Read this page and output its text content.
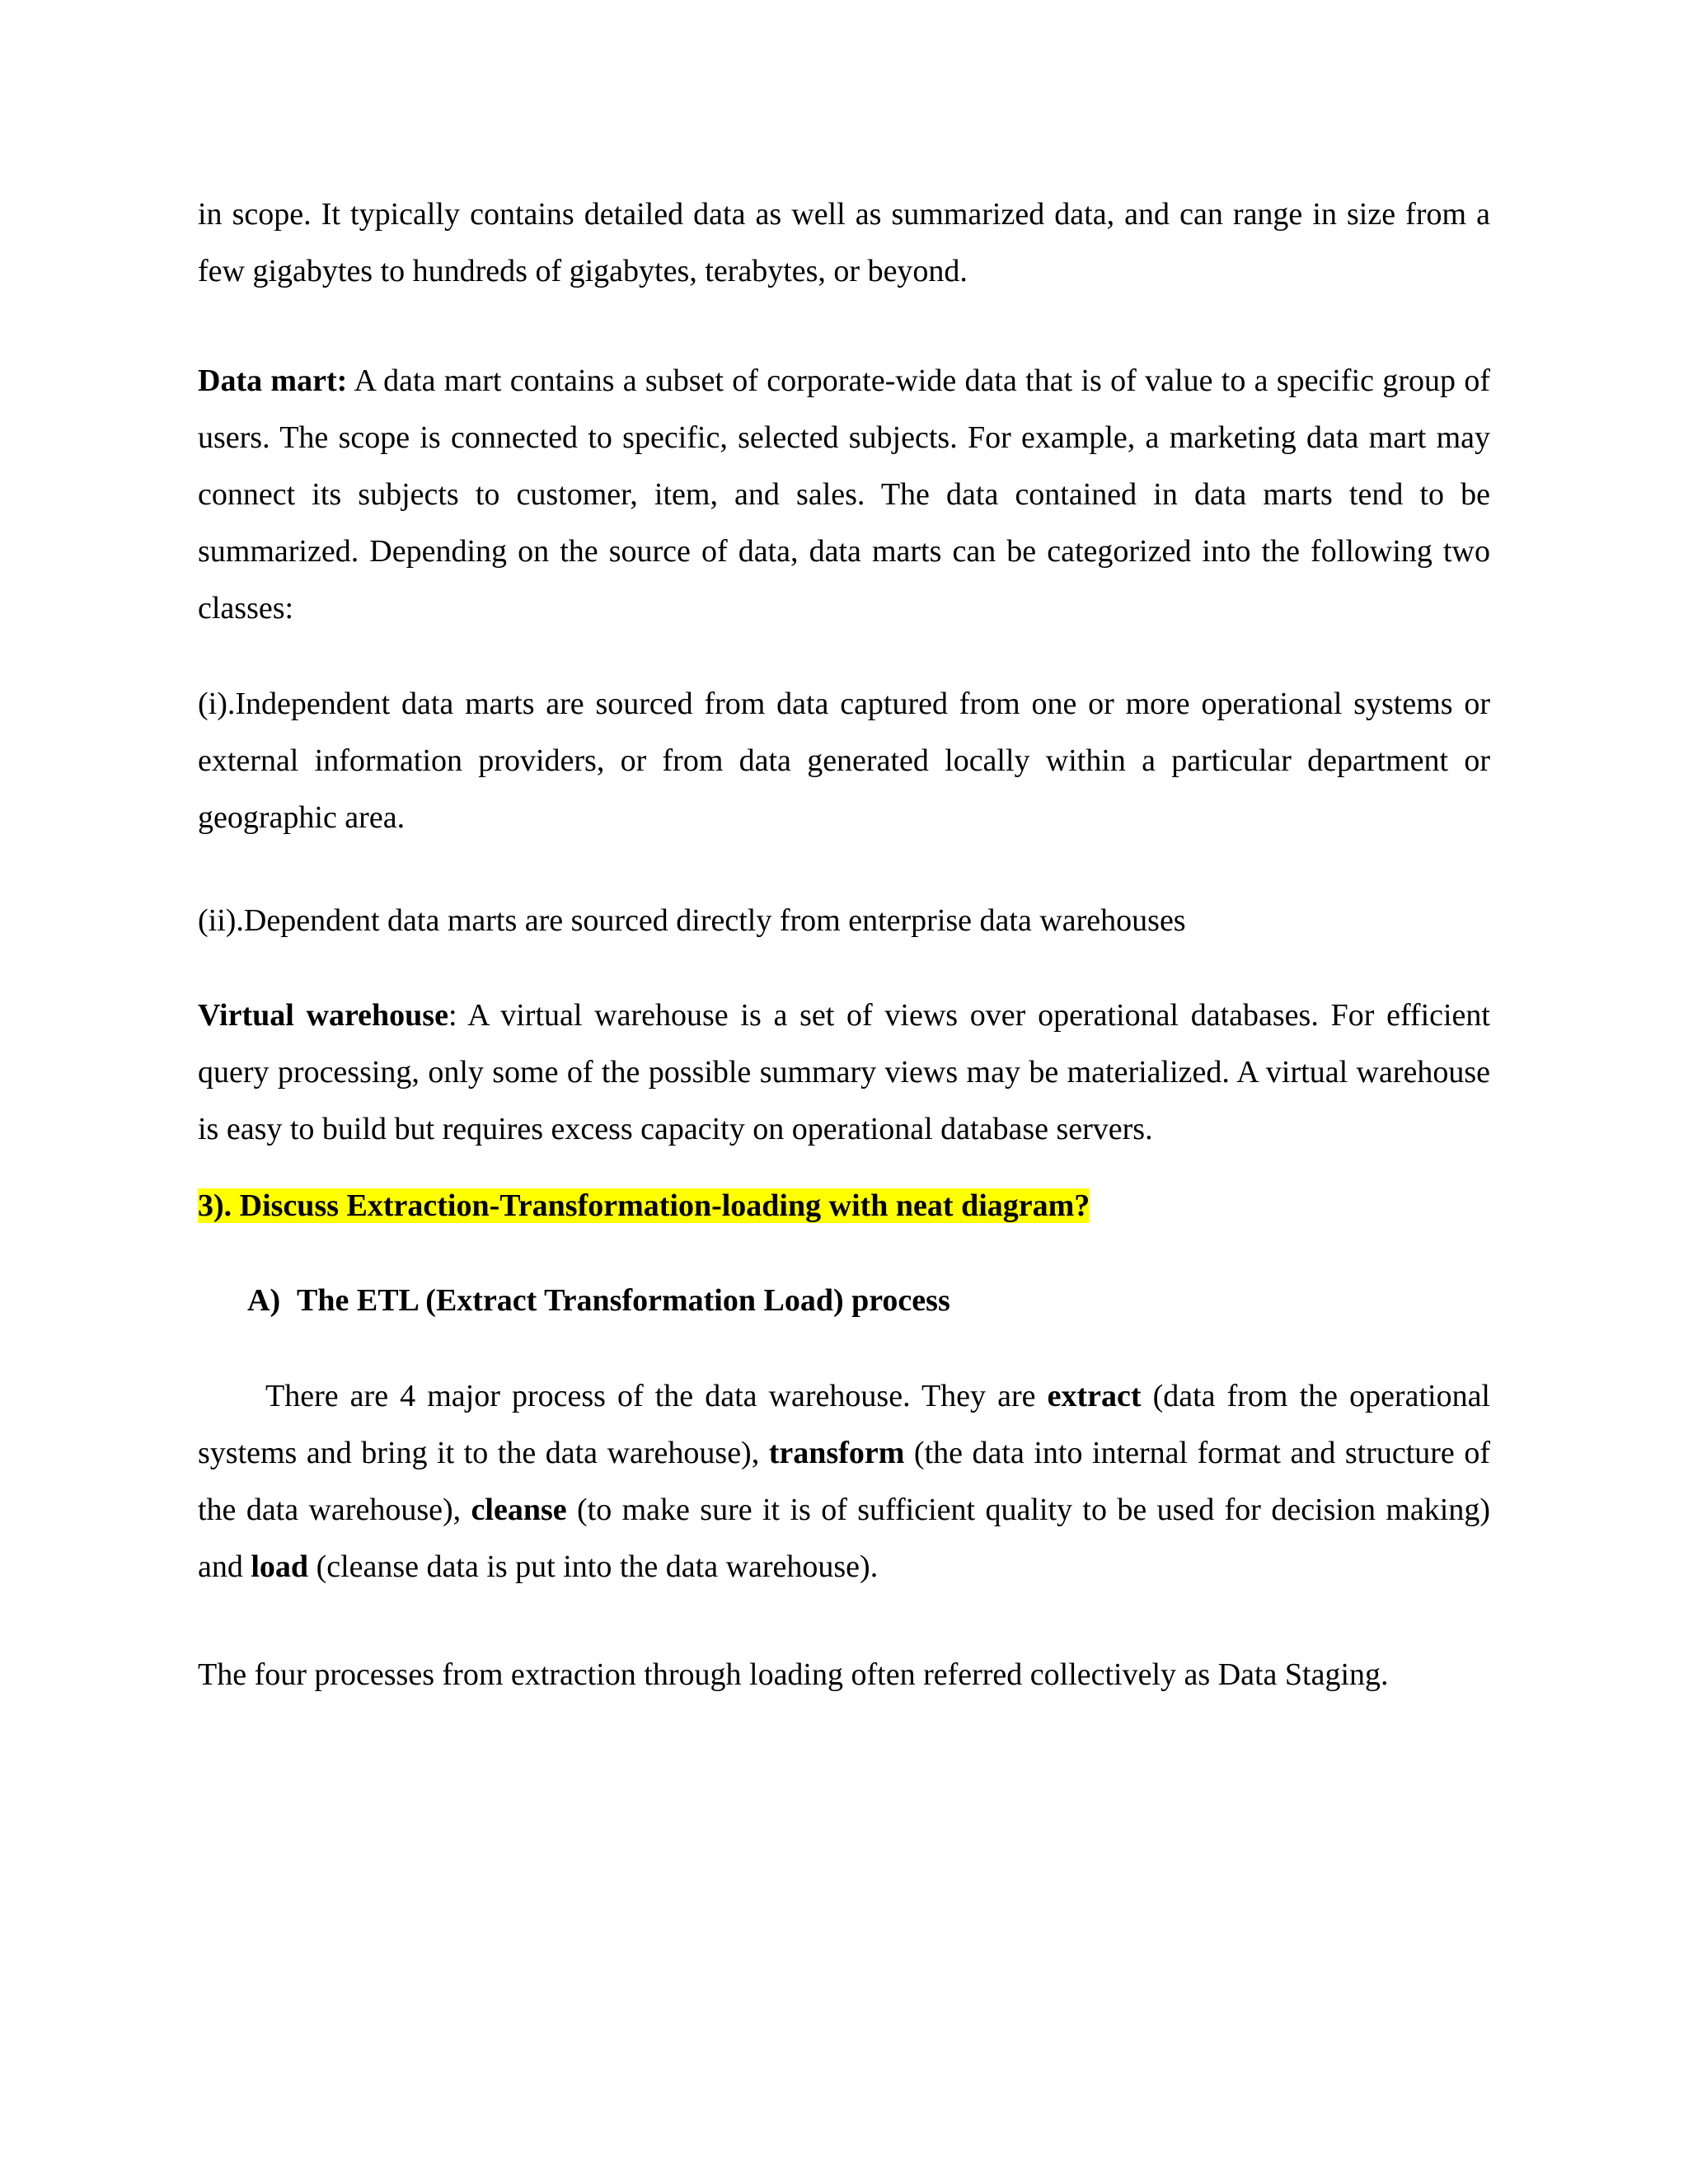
in scope. It typically contains detailed data as well as summarized data, and can range in size from a few gigabytes to hundreds of gigabytes, terabytes, or beyond.

Data mart: A data mart contains a subset of corporate-wide data that is of value to a specific group of users. The scope is connected to specific, selected subjects. For example, a marketing data mart may connect its subjects to customer, item, and sales. The data contained in data marts tend to be summarized. Depending on the source of data, data marts can be categorized into the following two classes:

(i).Independent data marts are sourced from data captured from one or more operational systems or external information providers, or from data generated locally within a particular department or geographic area.

(ii).Dependent data marts are sourced directly from enterprise data warehouses

Virtual warehouse: A virtual warehouse is a set of views over operational databases. For efficient query processing, only some of the possible summary views may be materialized. A virtual warehouse is easy to build but requires excess capacity on operational database servers.

3). Discuss Extraction-Transformation-loading with neat diagram?

A) The ETL (Extract Transformation Load) process

There are 4 major process of the data warehouse. They are extract (data from the operational systems and bring it to the data warehouse), transform (the data into internal format and structure of the data warehouse), cleanse (to make sure it is of sufficient quality to be used for decision making) and load (cleanse data is put into the data warehouse).

The four processes from extraction through loading often referred collectively as Data Staging.
